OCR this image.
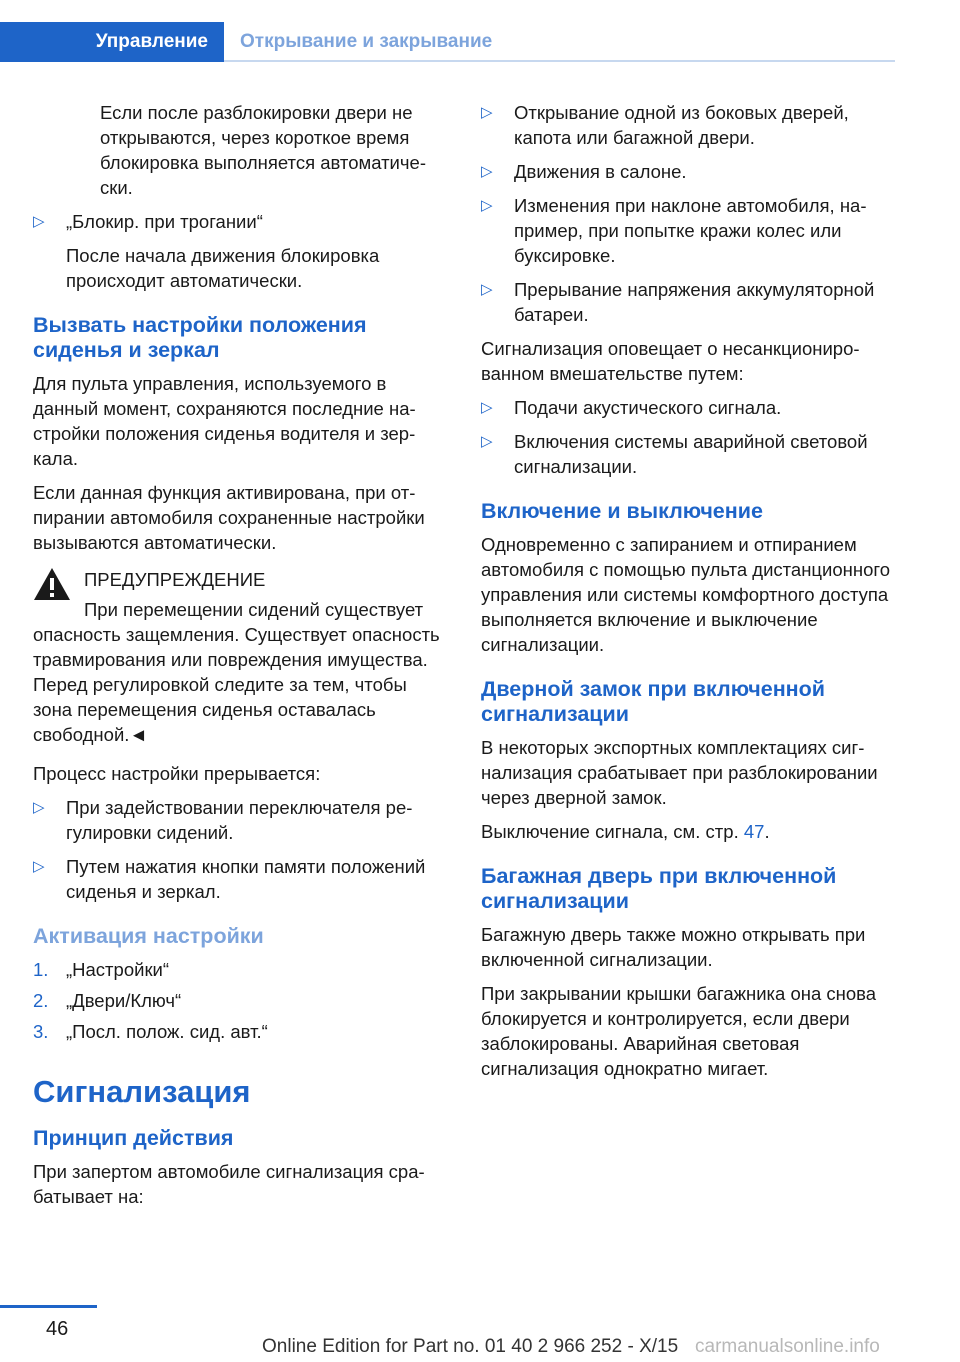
Управление Открывание и закрывание

Если после разблокировки двери не открываются, через короткое время блокировка выполняется автоматически.

▷ „Блокир. при трогании“
После начала движения блокировка происходит автоматически.
Вызвать настройки положения сиденья и зеркал

Для пульта управления, используемого в данный момент, сохраняются последние настройки положения сиденья водителя и зеркала.

Если данная функция активирована, при отпирании автомобиля сохраненные настройки вызываются автоматически.

ПРЕДУПРЕЖДЕНИЕ
При перемещении сидений существует
опасность защемления. Существует опасность травмирования или повреждения имущества. Перед регулировкой следите за тем, чтобы зона перемещения сиденья оставалась свободной.◄

Процесс настройки прерывается:

▷ При задействовании переключателя регулировки сидений.
▷ Путем нажатия кнопки памяти положений сиденья и зеркал.
Активация настройки
1. „Настройки“
2. „Двери/Ключ“
3. „Посл. полож. сид. авт.“
Сигнализация
Принцип действия

При запертом автомобиле сигнализация срабатывает на:

▷ Открывание одной из боковых дверей, капота или багажной двери.
▷ Движения в салоне.
▷ Изменения при наклоне автомобиля, например, при попытке кражи колес или буксировке.
▷ Прерывание напряжения аккумуляторной батареи.

Сигнализация оповещает о несанкционированном вмешательстве путем:

▷ Подачи акустического сигнала.
▷ Включения системы аварийной световой сигнализации.
Включение и выключение

Одновременно с запиранием и отпиранием автомобиля с помощью пульта дистанционного управления или системы комфортного доступа выполняется включение и выключение сигнализации.

Дверной замок при включенной сигнализации

В некоторых экспортных комплектациях сигнализация срабатывает при разблокировании через дверной замок.

Выключение сигнала, см. стр. 47.

Багажная дверь при включенной сигнализации

Багажную дверь также можно открывать при включенной сигнализации.

При закрывании крышки багажника она снова блокируется и контролируется, если двери заблокированы. Аварийная световая сигнализация однократно мигает.

46
Online Edition for Part no. 01 40 2 966 252 - X/15 carmanualsonline.info
